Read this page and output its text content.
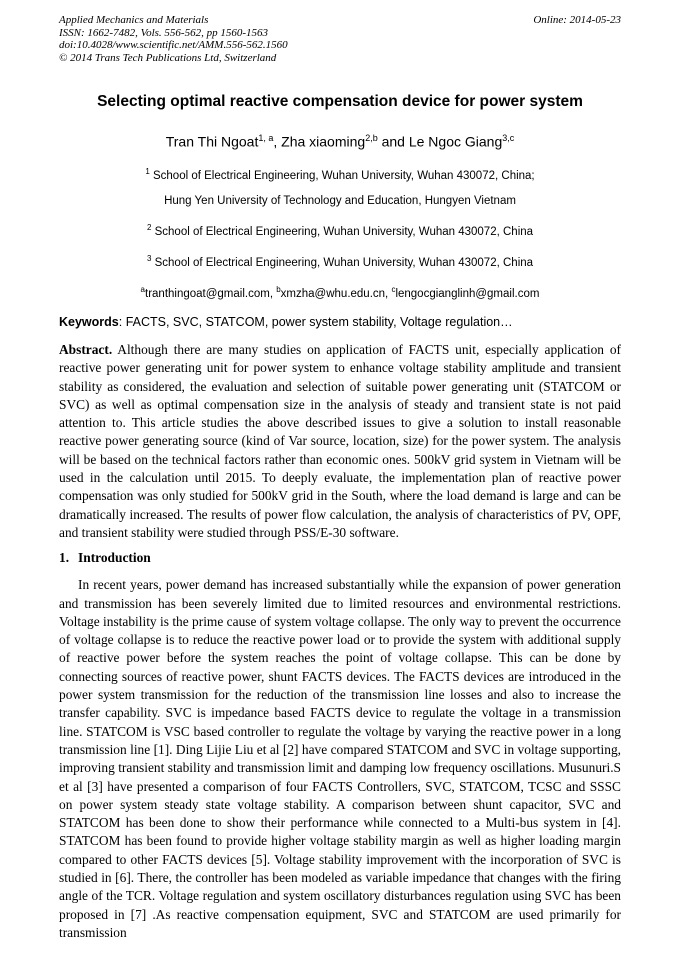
Applied Mechanics and Materials
ISSN: 1662-7482, Vols. 556-562, pp 1560-1563
doi:10.4028/www.scientific.net/AMM.556-562.1560
© 2014 Trans Tech Publications Ltd, Switzerland
Online: 2014-05-23
Selecting optimal reactive compensation device for power system

Tran Thi Ngoat$^{1, a}$, Zha xiaoming$^{2,b}$ and Le Ngoc Giang$^{3,c}$

$^1$ School of Electrical Engineering, Wuhan University, Wuhan 430072, China;
Hung Yen University of Technology and Education, Hungyen Vietnam
$^2$ School of Electrical Engineering, Wuhan University, Wuhan 430072, China
$^3$ School of Electrical Engineering, Wuhan University, Wuhan 430072, China
$^a$tranthingoat@gmail.com, $^b$xmzha@whu.edu.cn, $^c$lengocgianglinh@gmail.com

Keywords: FACTS, SVC, STATCOM, power system stability, Voltage regulation…

Abstract. Although there are many studies on application of FACTS unit, especially application of reactive power generating unit for power system to enhance voltage stability amplitude and transient stability as considered, the evaluation and selection of suitable power generating unit (STATCOM or SVC) as well as optimal compensation size in the analysis of steady and transient state is not paid attention to. This article studies the above described issues to give a solution to install reasonable reactive power generating source (kind of Var source, location, size) for the power system. The analysis will be based on the technical factors rather than economic ones. 500kV grid system in Vietnam will be used in the calculation until 2015. To deeply evaluate, the implementation plan of reactive power compensation was only studied for 500kV grid in the South, where the load demand is large and can be dramatically increased. The results of power flow calculation, the analysis of characteristics of PV, OPF, and transient stability were studied through PSS/E-30 software.

1. Introduction

In recent years, power demand has increased substantially while the expansion of power generation and transmission has been severely limited due to limited resources and environmental restrictions. Voltage instability is the prime cause of system voltage collapse. The only way to prevent the occurrence of voltage collapse is to reduce the reactive power load or to provide the system with additional supply of reactive power before the system reaches the point of voltage collapse. This can be done by connecting sources of reactive power, shunt FACTS devices. The FACTS devices are introduced in the power system transmission for the reduction of the transmission line losses and also to increase the transfer capability. SVC is impedance based FACTS device to regulate the voltage in a transmission line. STATCOM is VSC based controller to regulate the voltage by varying the reactive power in a long transmission line [1]. Ding Lijie Liu et al [2] have compared STATCOM and SVC in voltage supporting, improving transient stability and transmission limit and damping low frequency oscillations. Musunuri.S et al [3] have presented a comparison of four FACTS Controllers, SVC, STATCOM, TCSC and SSSC on power system steady state voltage stability. A comparison between shunt capacitor, SVC and STATCOM has been done to show their performance while connected to a Multi-bus system in [4]. STATCOM has been found to provide higher voltage stability margin as well as higher loading margin compared to other FACTS devices [5]. Voltage stability improvement with the incorporation of SVC is studied in [6]. There, the controller has been modeled as variable impedance that changes with the firing angle of the TCR. Voltage regulation and system oscillatory disturbances regulation using SVC has been proposed in [7] .As reactive compensation equipment, SVC and STATCOM are used primarily for transmission
